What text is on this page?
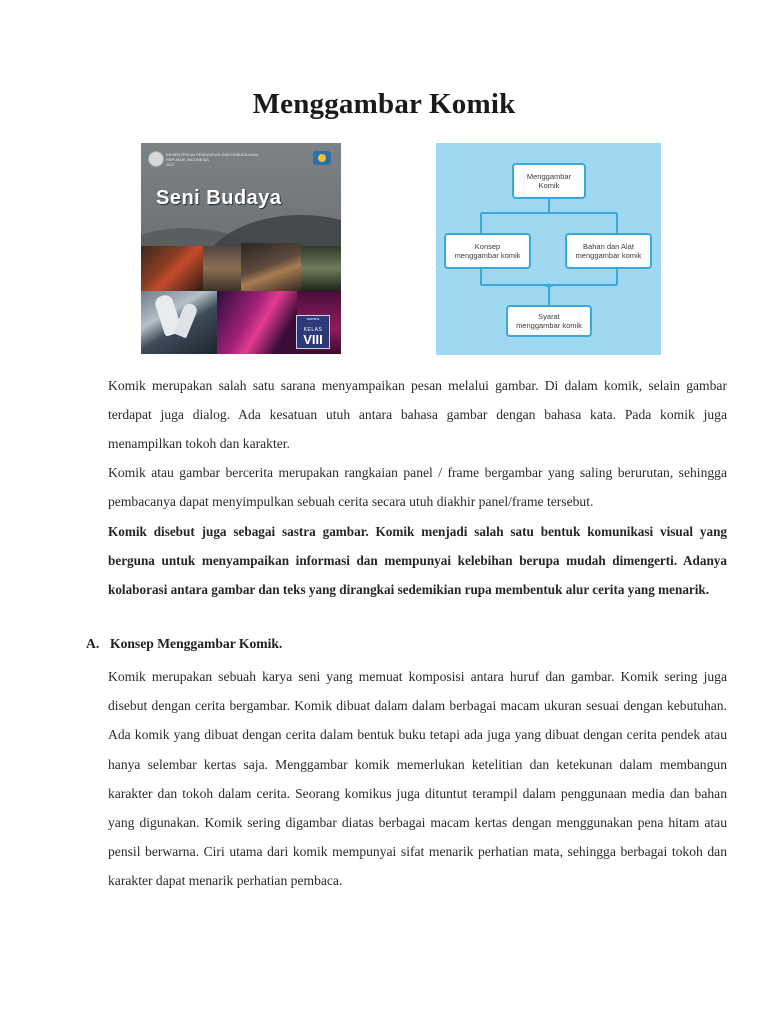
Menggambar Komik
KEMENTERIAN PENDIDIKAN DAN KEBUDAYAAN
REPUBLIK INDONESIA
2017
Seni Budaya
SMP/MTs
KELAS
VIII
Menggambar
Komik
Konsep
menggambar komik
Bahan dan Alat
menggambar komik
Syarat
menggambar komik
Komik merupakan salah satu sarana menyampaikan pesan melalui gambar. Di dalam komik, selain gambar terdapat juga dialog. Ada kesatuan utuh antara bahasa gambar dengan bahasa kata. Pada komik juga menampilkan tokoh dan karakter.
Komik atau gambar bercerita merupakan rangkaian panel / frame bergambar yang saling berurutan, sehingga pembacanya dapat menyimpulkan sebuah cerita secara utuh diakhir panel/frame tersebut.
Komik disebut juga sebagai sastra gambar. Komik menjadi salah satu bentuk komunikasi visual yang berguna untuk menyampaikan informasi dan mempunyai kelebihan berupa mudah dimengerti. Adanya kolaborasi antara gambar dan teks yang dirangkai sedemikian rupa membentuk alur cerita yang menarik.
A. Konsep Menggambar Komik.
Komik merupakan sebuah karya seni yang memuat komposisi antara huruf dan gambar. Komik sering juga disebut dengan cerita bergambar. Komik dibuat dalam dalam berbagai macam ukuran sesuai dengan kebutuhan. Ada komik yang dibuat dengan cerita dalam bentuk buku tetapi ada juga yang dibuat dengan cerita pendek atau hanya selembar kertas saja. Menggambar komik memerlukan ketelitian dan ketekunan dalam membangun karakter dan tokoh dalam cerita. Seorang komikus juga dituntut terampil dalam penggunaan media dan bahan yang digunakan. Komik sering digambar diatas berbagai macam kertas dengan menggunakan pena hitam atau pensil berwarna. Ciri utama dari komik mempunyai sifat menarik perhatian mata, sehingga berbagai tokoh dan karakter dapat menarik perhatian pembaca.
